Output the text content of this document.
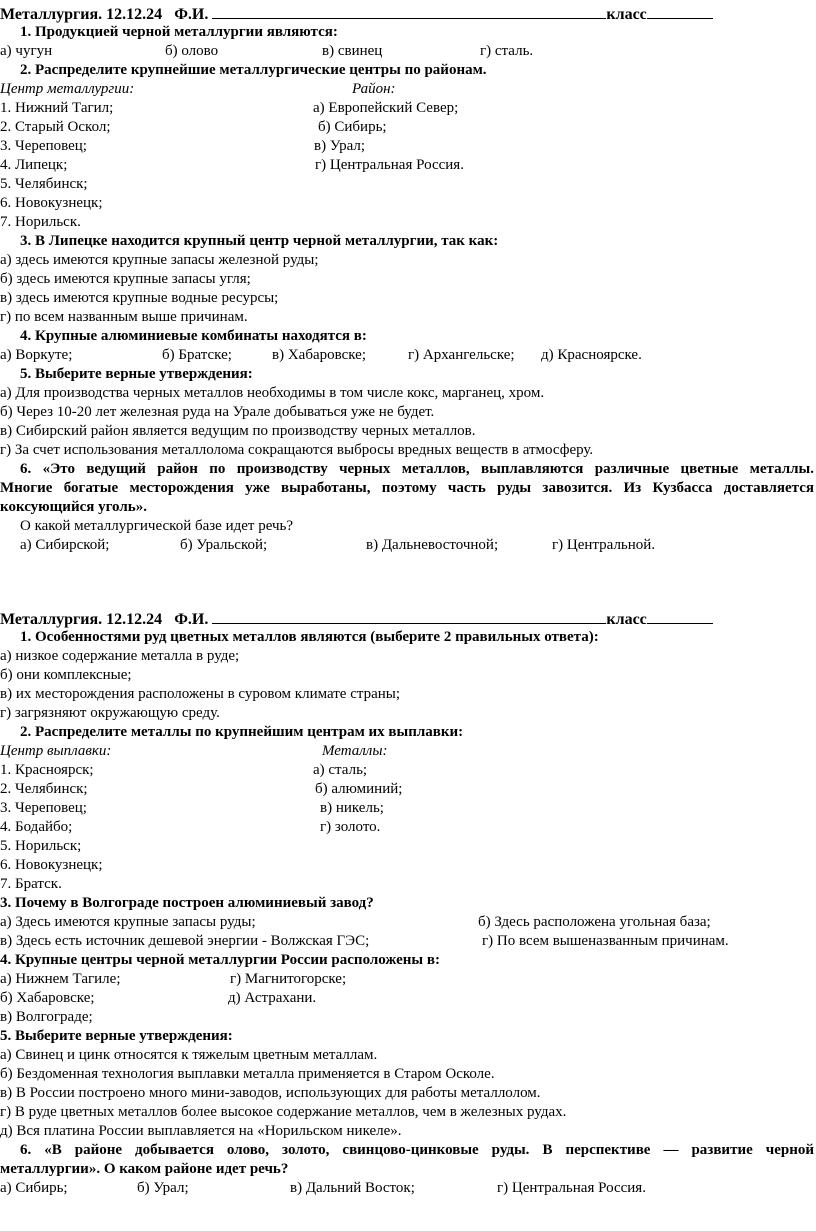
Металлургия. 12.12.24 Ф.И.	класс
1. Продукцией черной металлургии являются:
а) чугун	б) олово	в) свинец	г) сталь.
2. Распределите крупнейшие металлургические центры по районам.
Центр металлургии:	Район:
1. Нижний Тагил;	а) Европейский Север;
2. Старый Оскол;	б) Сибирь;
3. Череповец;	в) Урал;
4. Липецк;	г) Центральная Россия.
5. Челябинск;
6. Новокузнецк;
7. Норильск.
3. В Липецке находится крупный центр черной металлургии, так как:
а) здесь имеются крупные запасы железной руды;
б) здесь имеются крупные запасы угля;
в) здесь имеются крупные водные ресурсы;
г) по всем названным выше причинам.
4. Крупные алюминиевые комбинаты находятся в:
а) Воркуте;	б) Братске;	в) Хабаровске;	г) Архангельске; д) Красноярске.
5. Выберите верные утверждения:
а) Для производства черных металлов необходимы в том числе кокс, марганец, хром.
б) Через 10-20 лет железная руда на Урале добываться уже не будет.
в) Сибирский район является ведущим по производству черных металлов.
г) За счет использования металлолома сокращаются выбросы вредных веществ в атмосферу.
6. «Это ведущий район по производству черных металлов, выплавляются различные цветные металлы.
Многие богатые месторождения уже выработаны, поэтому часть руды завозится. Из Кузбасса доставляется
коксующийся уголь».
О какой металлургической базе идет речь?
а) Сибирской;	б) Уральской;	в) Дальневосточной;	г) Центральной.
Металлургия. 12.12.24 Ф.И.	класс
1. Особенностями руд цветных металлов являются (выберите 2 правильных ответа):
а) низкое содержание металла в руде;
б) они комплексные;
в) их месторождения расположены в суровом климате страны;
г) загрязняют окружающую среду.
2. Распределите металлы по крупнейшим центрам их выплавки:
Центр выплавки:	Металлы:
1. Красноярск;	а) сталь;
2. Челябинск;	б) алюминий;
3. Череповец;	в) никель;
4. Бодайбо;	г) золото.
5. Норильск;
6. Новокузнецк;
7. Братск.
3. Почему в Волгограде построен алюминиевый завод?
а) Здесь имеются крупные запасы руды;	б) Здесь расположена угольная база;
в) Здесь есть источник дешевой энергии - Волжская ГЭС;	г) По всем вышеназванным причинам.
4. Крупные центры черной металлургии России расположены в:
а) Нижнем Тагиле;	г) Магнитогорске;
б) Хабаровске;	д) Астрахани.
в) Волгограде;
5. Выберите верные утверждения:
а) Свинец и цинк относятся к тяжелым цветным металлам.
б) Бездоменная технология выплавки металла применяется в Старом Осколе.
в) В России построено много мини-заводов, использующих для работы металлолом.
г) В руде цветных металлов более высокое содержание металлов, чем в железных рудах.
д) Вся платина России выплавляется на «Норильском никеле».
6. «В районе добывается олово, золото, свинцово-цинковые руды. В перспективе — развитие черной
металлургии». О каком районе идет речь?
а) Сибирь;	б) Урал;	в) Дальний Восток;	г) Центральная Россия.
